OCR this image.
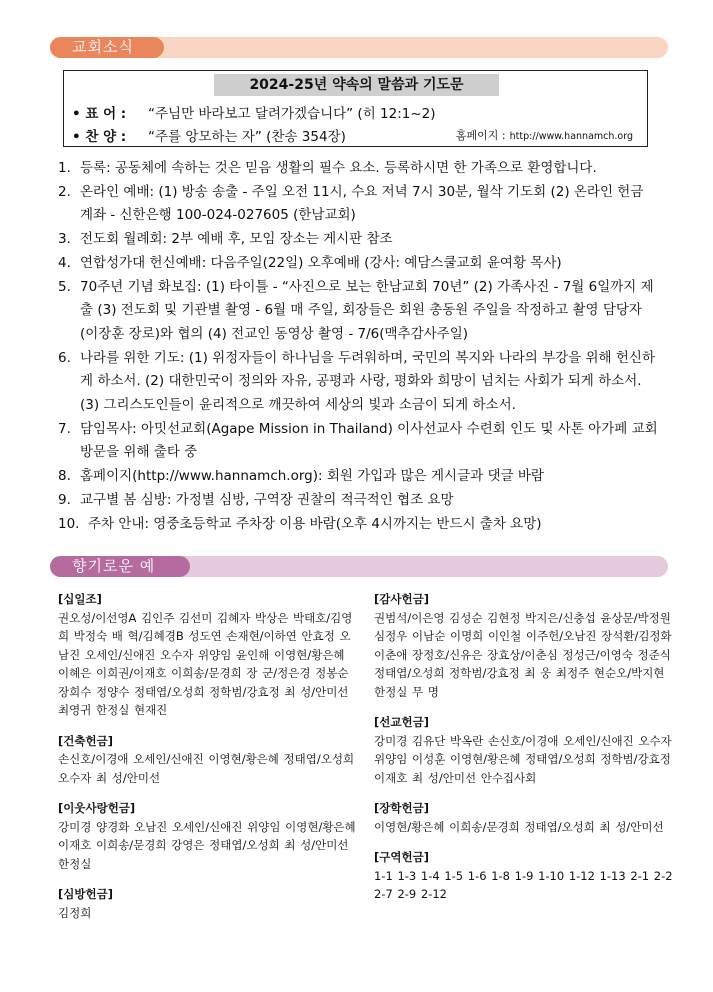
교회소식
2024-25년 약속의 말씀과 기도문
• 표 어 : “주님만 바라보고 달려가겠습니다” (히 12:1~2)
• 찬 양 : “주를 앙모하는 자” (찬송 354장)	홈페이지 : http://www.hannamch.org
1. 등록: 공동체에 속하는 것은 믿음 생활의 필수 요소. 등록하시면 한 가족으로 환영합니다.
2. 온라인 예배: (1) 방송 송출 - 주일 오전 11시, 수요 저녁 7시 30분, 월삭 기도회 (2) 온라인 헌금 계좌 - 신한은행 100-024-027605 (한남교회)
3. 전도회 월례회: 2부 예배 후, 모임 장소는 게시판 참조
4. 연합성가대 헌신예배: 다음주일(22일) 오후예배 (강사: 예담스쿨교회 윤여황 목사)
5. 70주년 기념 화보집: (1) 타이틀 - “사진으로 보는 한남교회 70년” (2) 가족사진 - 7월 6일까지 제출 (3) 전도회 및 기관별 촬영 - 6월 매 주일, 회장들은 회원 총동원 주일을 작정하고 촬영 담당자(이장훈 장로)와 협의 (4) 전교인 동영상 촬영 - 7/6(맥추감사주일)
6. 나라를 위한 기도: (1) 위정자들이 하나님을 두려워하며, 국민의 복지와 나라의 부강을 위해 헌신하게 하소서. (2) 대한민국이 정의와 자유, 공평과 사랑, 평화와 희망이 넘치는 사회가 되게 하소서. (3) 그리스도인들이 윤리적으로 깨끗하여 세상의 빛과 소금이 되게 하소서.
7. 담임목사: 아밋선교회(Agape Mission in Thailand) 이사선교사 수련회 인도 및 사톤 아가페 교회 방문을 위해 출타 중
8. 홈페이지(http://www.hannamch.org): 회원 가입과 많은 게시글과 댓글 바람
9. 교구별 봄 심방: 가정별 심방, 구역장 권찰의 적극적인 협조 요망
10. 주차 안내: 영중초등학교 주차장 이용 바람(오후 4시까지는 반드시 출차 요망)
향기로운 예물
[십일조]
권오성/이선영A 김인주 김선미 김혜자 박상은 박태호/김영희 박정숙 배 혁/김혜경B 성도연 손재현/이하연 안효정 오남진 오세인/신애진 오수자 위양임 윤인해 이영현/황은혜 이혜은 이희권/이재호 이희송/문경희 장 군/정은경 정봉순 장희수 정양수 정태엽/오성희 정학범/강효정 최 성/안미선 최영귀 한정실 현재진
[건축헌금]
손신호/이경애 오세인/신애진 이영현/황은혜 정태엽/오성희 오수자 최 성/안미선
[이웃사랑헌금]
강미경 양경화 오남진 오세인/신애진 위양임 이영현/황은혜 이재호 이희송/문경희 강영은 정태엽/오성희 최 성/안미선 한정실
[심방헌금]
김정희
[감사헌금]
권범석/이은영 김성순 김현정 박지은/신충섭 윤상문/박정원 심정우 이남순 이명희 이인철 이주헌/오남진 장석환/김정화 이춘애 장정호/신유은 장효상/이춘심 정성근/이영숙 정준식 정태엽/오성희 정학범/강효정 최 웅 최정주 현순오/박지현 한정실 무 명
[선교헌금]
강미경 김유단 박옥란 손신호/이경애 오세인/신애진 오수자 위양임 이성훈 이영현/황은혜 정태엽/오성희 정학범/강효정 이재호 최 성/안미선 안수집사회
[장학헌금]
이영현/황은혜 이희송/문경희 정태엽/오성희 최 성/안미선
[구역헌금]
1-1 1-3 1-4 1-5 1-6 1-8 1-9 1-10 1-12 1-13 2-1 2-2 2-7 2-9 2-12
